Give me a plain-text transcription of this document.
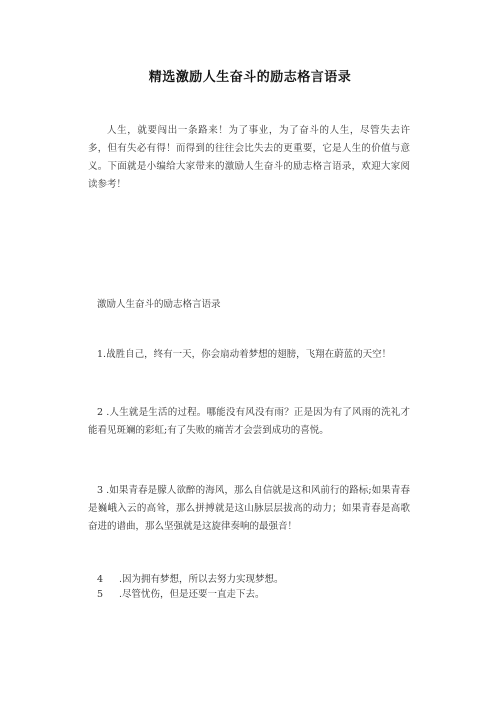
精选激励人生奋斗的励志格言语录
人生，就要闯出一条路来！为了事业，为了奋斗的人生，尽管失去许多，但有失必有得！而得到的往往会比失去的更重要，它是人生的价值与意义。下面就是小编给大家带来的激励人生奋斗的励志格言语录，欢迎大家阅读参考！
激励人生奋斗的励志格言语录
1.战胜自己，终有一天，你会扇动着梦想的翅膀，飞翔在蔚蓝的天空！
2 .人生就是生活的过程。哪能没有风没有雨？正是因为有了风雨的洗礼才能看见斑斓的彩虹;有了失败的痛苦才会尝到成功的喜悦。
3 .如果青春是朦人欲醉的海风，那么自信就是这和风前行的路标;如果青春是巍峨入云的高耸，那么拼搏就是这山脉层层拔高的动力；如果青春是高歌奋进的谱曲，那么坚强就是这旋律奏响的最强音！
4 .因为拥有梦想，所以去努力实现梦想。
5 .尽管忧伤，但是还要一直走下去。
